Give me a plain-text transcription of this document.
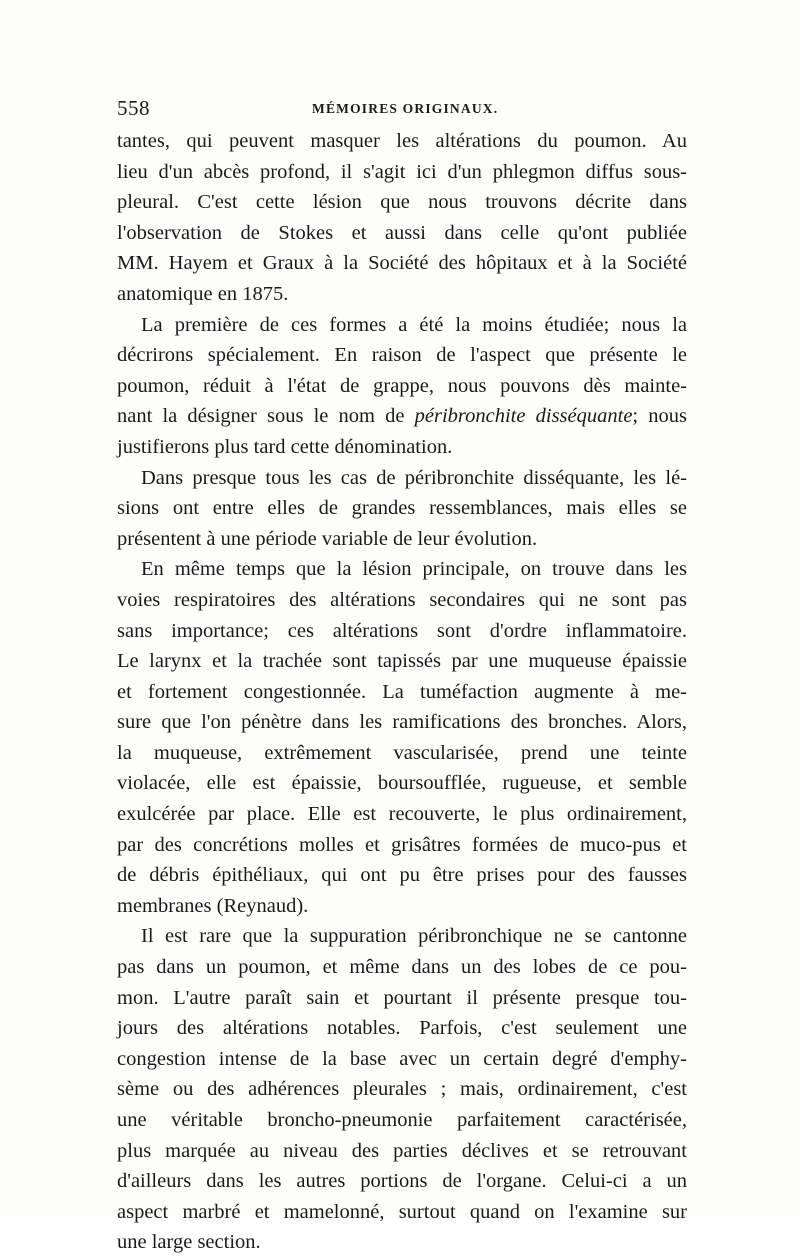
558	MÉMOIRES ORIGINAUX.
tantes, qui peuvent masquer les altérations du poumon. Au
lieu d'un abcès profond, il s'agit ici d'un phlegmon diffus sous-
pleural. C'est cette lésion que nous trouvons décrite dans
l'observation de Stokes et aussi dans celle qu'ont publiée
MM. Hayem et Graux à la Société des hôpitaux et à la Société
anatomique en 1875.
La première de ces formes a été la moins étudiée; nous la
décrirons spécialement. En raison de l'aspect que présente le
poumon, réduit à l'état de grappe, nous pouvons dès mainte-
nant la désigner sous le nom de péribronchite disséquante; nous
justifierons plus tard cette dénomination.
Dans presque tous les cas de péribronchite disséquante, les lé-
sions ont entre elles de grandes ressemblances, mais elles se
présentent à une période variable de leur évolution.
En même temps que la lésion principale, on trouve dans les
voies respiratoires des altérations secondaires qui ne sont pas
sans importance; ces altérations sont d'ordre inflammatoire.
Le larynx et la trachée sont tapissés par une muqueuse épaissie
et fortement congestionnée. La tuméfaction augmente à me-
sure que l'on pénètre dans les ramifications des bronches. Alors,
la muqueuse, extrêmement vascularisée, prend une teinte
violacée, elle est épaissie, boursoufflée, rugueuse, et semble
exulcérée par place. Elle est recouverte, le plus ordinairement,
par des concrétions molles et grisâtres formées de muco-pus et
de débris épithéliaux, qui ont pu être prises pour des fausses
membranes (Reynaud).
Il est rare que la suppuration péribronchique ne se cantonne
pas dans un poumon, et même dans un des lobes de ce pou-
mon. L'autre paraît sain et pourtant il présente presque tou-
jours des altérations notables. Parfois, c'est seulement une
congestion intense de la base avec un certain degré d'emphy-
sème ou des adhérences pleurales ; mais, ordinairement, c'est
une véritable broncho-pneumonie parfaitement caractérisée,
plus marquée au niveau des parties déclives et se retrouvant
d'ailleurs dans les autres portions de l'organe. Celui-ci a un
aspect marbré et mamelonné, surtout quand on l'examine sur
une large section.
